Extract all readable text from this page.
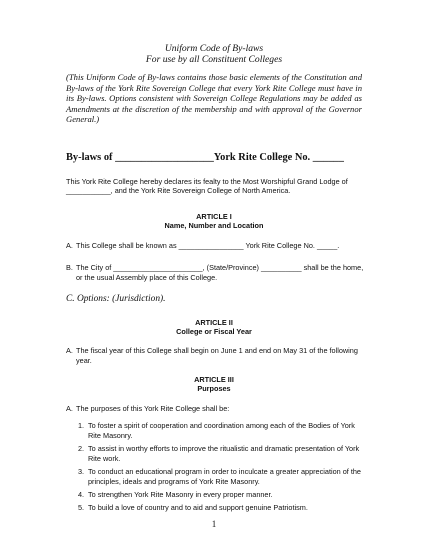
Uniform Code of By-laws
For use by all Constituent Colleges
(This Uniform Code of By-laws contains those basic elements of the Constitution and By-laws of the York Rite Sovereign College that every York Rite College must have in its By-laws. Options consistent with Sovereign College Regulations may be added as Amendments at the discretion of the membership and with approval of the Governor General.)
By-laws of ___________________York Rite College No. ______
This York Rite College hereby declares its fealty to the Most Worshipful Grand Lodge of ___________, and the York Rite Sovereign College of North America.
ARTICLE I
Name, Number and Location
A. This College shall be known as ________________ York Rite College No. _____.
B. The City of ______________________, (State/Province) __________ shall be the home, or the usual Assembly place of this College.
C. Options: (Jurisdiction).
ARTICLE II
College or Fiscal Year
A. The fiscal year of this College shall begin on June 1 and end on May 31 of the following year.
ARTICLE III
Purposes
A. The purposes of this York Rite College shall be:
1. To foster a spirit of cooperation and coordination among each of the Bodies of York Rite Masonry.
2. To assist in worthy efforts to improve the ritualistic and dramatic presentation of York Rite work.
3. To conduct an educational program in order to inculcate a greater appreciation of the principles, ideals and programs of York Rite Masonry.
4. To strengthen York Rite Masonry in every proper manner.
5. To build a love of country and to aid and support genuine Patriotism.
1
